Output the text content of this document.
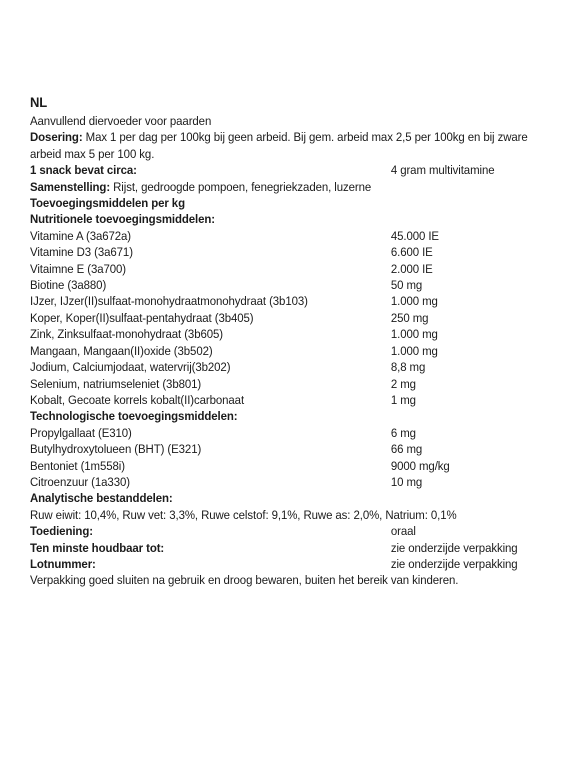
NL
Aanvullend diervoeder voor paarden
Dosering: Max 1 per dag per 100kg bij geen arbeid. Bij gem. arbeid max 2,5 per 100kg en bij zware arbeid max 5 per 100 kg.
1 snack bevat circa:	4 gram multivitamine
Samenstelling: Rijst, gedroogde pompoen, fenegriekzaden, luzerne
Toevoegingsmiddelen per kg
Nutritionele toevoegingsmiddelen:
Vitamine A (3a672a)	45.000 IE
Vitamine D3 (3a671)	6.600 IE
Vitaimne E (3a700)	2.000 IE
Biotine (3a880)	50 mg
IJzer, IJzer(II)sulfaat-monohydraatmonohydraat (3b103)	1.000 mg
Koper, Koper(II)sulfaat-pentahydraat (3b405)	250 mg
Zink, Zinksulfaat-monohydraat (3b605)	1.000 mg
Mangaan, Mangaan(II)oxide (3b502)	1.000 mg
Jodium, Calciumjodaat, watervrij(3b202)	8,8 mg
Selenium, natriumseleniet (3b801)	2 mg
Kobalt, Gecoate korrels kobalt(II)carbonaat	1 mg
Technologische toevoegingsmiddelen:
Propylgallaat (E310)	6 mg
Butylhydroxytolueen (BHT) (E321)	66 mg
Bentoniet (1m558i)	9000 mg/kg
Citroenzuur (1a330)	10 mg
Analytische bestanddelen:
Ruw eiwit: 10,4%, Ruw vet: 3,3%, Ruwe celstof: 9,1%, Ruwe as: 2,0%, Natrium: 0,1%
Toediening:	oraal
Ten minste houdbaar tot:	zie onderzijde verpakking
Lotnummer:	zie onderzijde verpakking
Verpakking goed sluiten na gebruik en droog bewaren, buiten het bereik van kinderen.
